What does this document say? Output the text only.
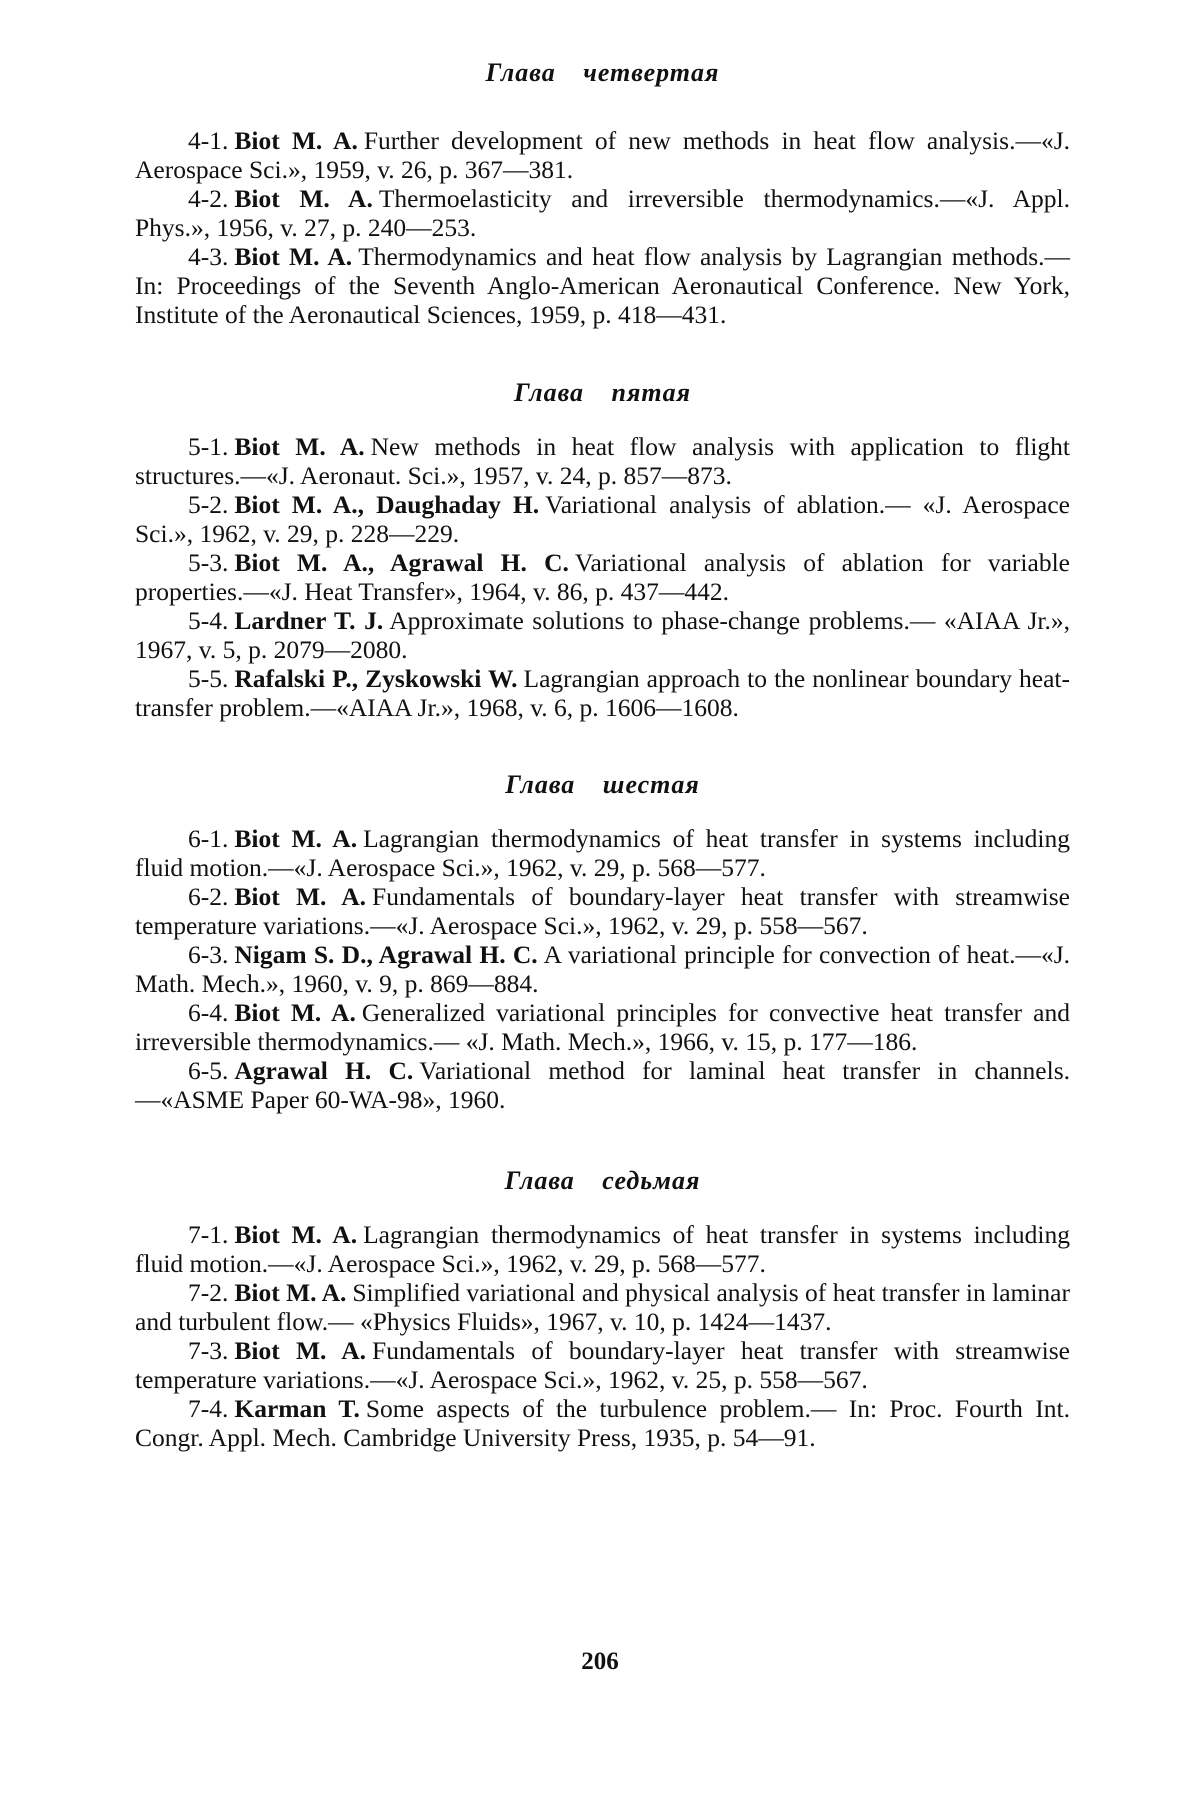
Глава четвертая
4-1. Biot M. A. Further development of new methods in heat flow analysis.—«J. Aerospace Sci.», 1959, v. 26, p. 367—381.
4-2. Biot M. A. Thermoelasticity and irreversible thermodynamics.—«J. Appl. Phys.», 1956, v. 27, p. 240—253.
4-3. Biot M. A. Thermodynamics and heat flow analysis by Lagrangian methods.— In: Proceedings of the Seventh Anglo-American Aeronautical Conference. New York, Institute of the Aeronautical Sciences, 1959, p. 418—431.
Глава пятая
5-1. Biot M. A. New methods in heat flow analysis with application to flight structures.—«J. Aeronaut. Sci.», 1957, v. 24, p. 857—873.
5-2. Biot M. A., Daughaday H. Variational analysis of ablation.— «J. Aerospace Sci.», 1962, v. 29, p. 228—229.
5-3. Biot M. A., Agrawal H. C. Variational analysis of ablation for variable properties.—«J. Heat Transfer», 1964, v. 86, p. 437—442.
5-4. Lardner T. J. Approximate solutions to phase-change problems.— «AIAA Jr.», 1967, v. 5, p. 2079—2080.
5-5. Rafalski P., Zyskowski W. Lagrangian approach to the nonlinear boundary heat-transfer problem.—«AIAA Jr.», 1968, v. 6, p. 1606—1608.
Глава шестая
6-1. Biot M. A. Lagrangian thermodynamics of heat transfer in systems including fluid motion.—«J. Aerospace Sci.», 1962, v. 29, p. 568—577.
6-2. Biot M. A. Fundamentals of boundary-layer heat transfer with streamwise temperature variations.—«J. Aerospace Sci.», 1962, v. 29, p. 558—567.
6-3. Nigam S. D., Agrawal H. C. A variational principle for convection of heat.—«J. Math. Mech.», 1960, v. 9, p. 869—884.
6-4. Biot M. A. Generalized variational principles for convective heat transfer and irreversible thermodynamics.— «J. Math. Mech.», 1966, v. 15, p. 177—186.
6-5. Agrawal H. C. Variational method for laminal heat transfer in channels.—«ASME Paper 60-WA-98», 1960.
Глава седьмая
7-1. Biot M. A. Lagrangian thermodynamics of heat transfer in systems including fluid motion.—«J. Aerospace Sci.», 1962, v. 29, p. 568—577.
7-2. Biot M. A. Simplified variational and physical analysis of heat transfer in laminar and turbulent flow.— «Physics Fluids», 1967, v. 10, p. 1424—1437.
7-3. Biot M. A. Fundamentals of boundary-layer heat transfer with streamwise temperature variations.—«J. Aerospace Sci.», 1962, v. 25, p. 558—567.
7-4. Karman T. Some aspects of the turbulence problem.— In: Proc. Fourth Int. Congr. Appl. Mech. Cambridge University Press, 1935, p. 54—91.
206
